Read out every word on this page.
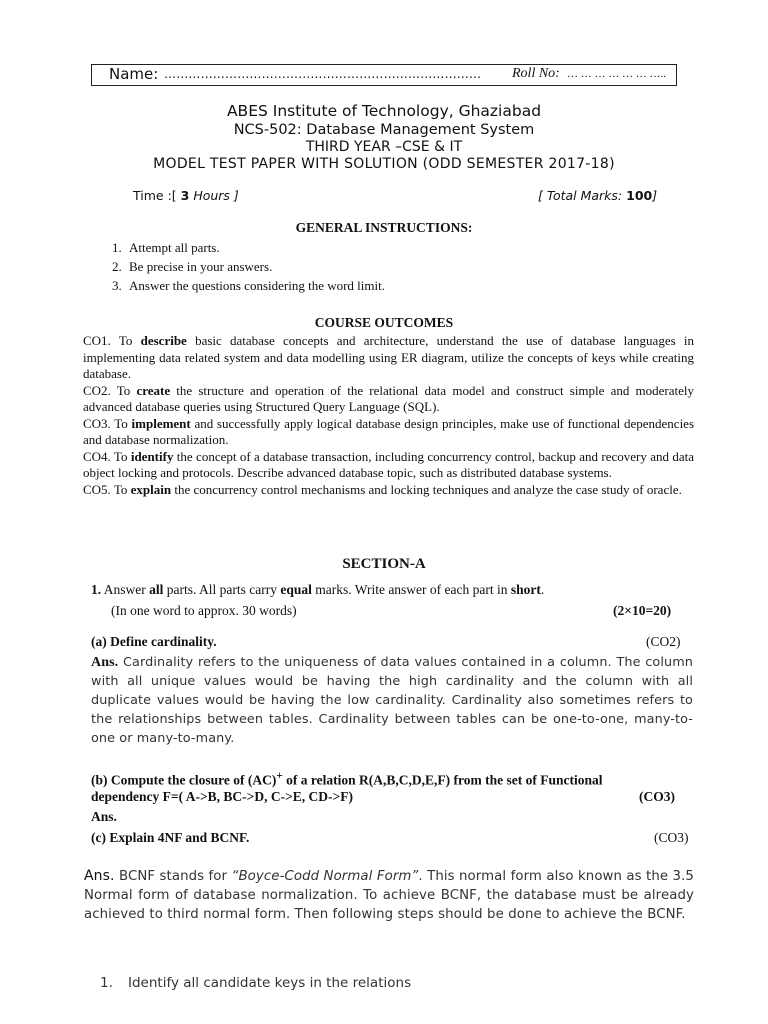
Name: …………………………………………………………………… Roll No: … … … … … … …..
ABES Institute of Technology, Ghaziabad
NCS-502: Database Management System
THIRD YEAR –CSE & IT
MODEL TEST PAPER WITH SOLUTION (ODD SEMESTER 2017-18)
Time :[ 3 Hours ]	[ Total Marks: 100]
GENERAL INSTRUCTIONS:
1. Attempt all parts.
2. Be precise in your answers.
3. Answer the questions considering the word limit.
COURSE OUTCOMES

CO1. To describe basic database concepts and architecture, understand the use of database languages in implementing data related system and data modelling using ER diagram, utilize the concepts of keys while creating database.

CO2. To create the structure and operation of the relational data model and construct simple and moderately advanced database queries using Structured Query Language (SQL).

CO3. To implement and successfully apply logical database design principles, make use of functional dependencies and database normalization.

CO4. To identify the concept of a database transaction, including concurrency control, backup and recovery and data object locking and protocols. Describe advanced database topic, such as distributed database systems.

CO5. To explain the concurrency control mechanisms and locking techniques and analyze the case study of oracle.

SECTION-A
1. Answer all parts. All parts carry equal marks. Write answer of each part in short.
(In one word to approx. 30 words)	(2×10=20)
(a) Define cardinality.	(CO2)
Ans. Cardinality refers to the uniqueness of data values contained in a column. The column with all unique values would be having the high cardinality and the column with all duplicate values would be having the low cardinality. Cardinality also sometimes refers to the relationships between tables. Cardinality between tables can be one-to-one, many-to-one or many-to-many.
(b) Compute the closure of (AC)+ of a relation R(A,B,C,D,E,F) from the set of Functional
dependency F=( A->B, BC->D, C->E, CD->F)	(CO3)
Ans.
(c) Explain 4NF and BCNF.	(CO3)
Ans. BCNF stands for “Boyce-Codd Normal Form”. This normal form also known as the 3.5 Normal form of database normalization. To achieve BCNF, the database must be already achieved to third normal form. Then following steps should be done to achieve the BCNF.
1. Identify all candidate keys in the relations
